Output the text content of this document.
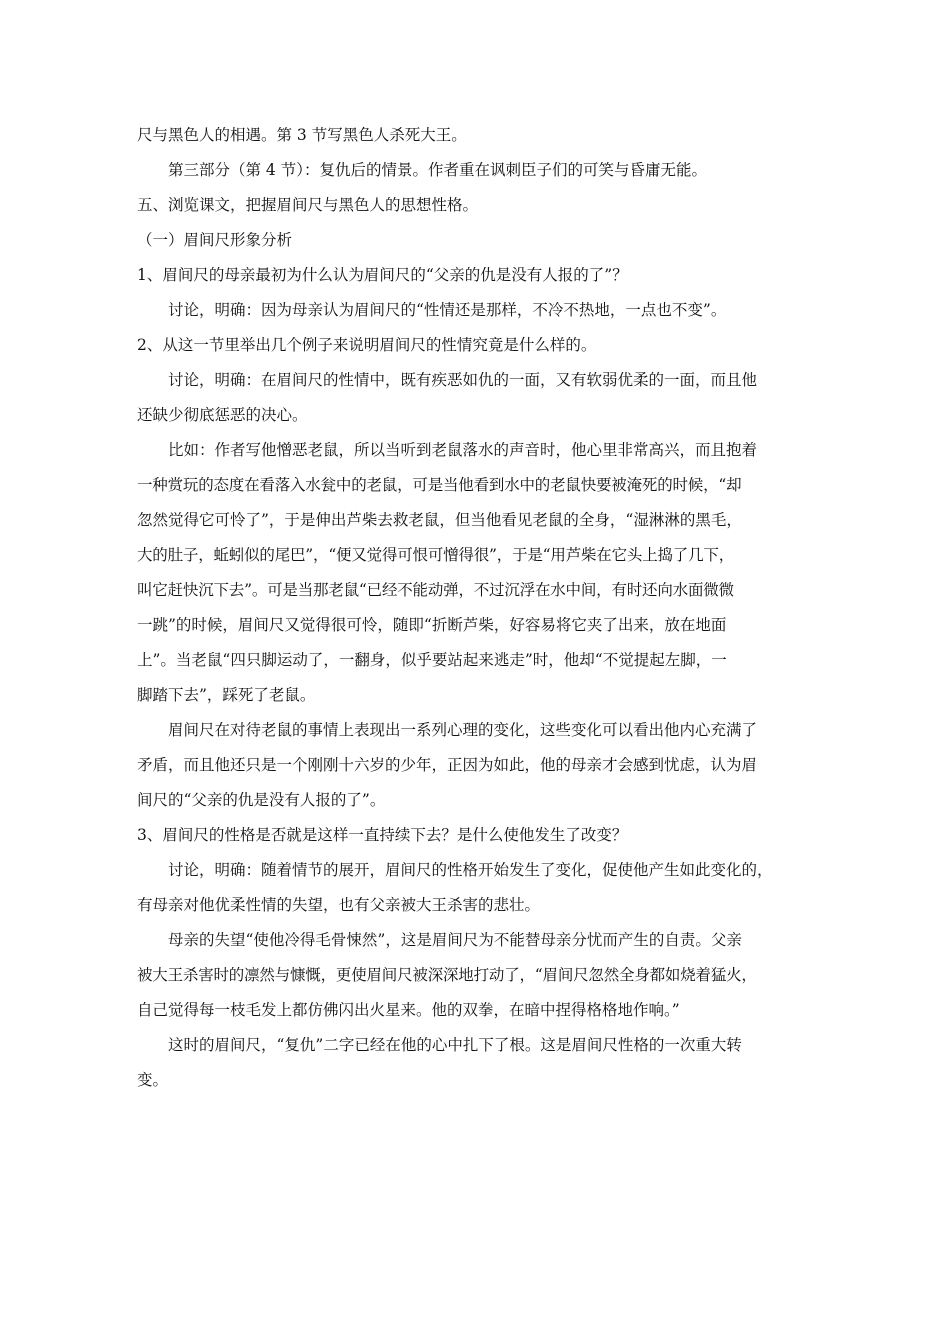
尺与黑色人的相遇。第 3 节写黑色人杀死大王。
第三部分（第 4 节）：复仇后的情景。作者重在讽刺臣子们的可笑与昏庸无能。
五、浏览课文，把握眉间尺与黑色人的思想性格。
（一）眉间尺形象分析
1、眉间尺的母亲最初为什么认为眉间尺的“父亲的仇是没有人报的了”？
讨论，明确：因为母亲认为眉间尺的“性情还是那样，不冷不热地，一点也不变”。
2、从这一节里举出几个例子来说明眉间尺的性情究竟是什么样的。
讨论，明确：在眉间尺的性情中，既有疾恶如仇的一面，又有软弱优柔的一面，而且他
还缺少彻底惩恶的决心。
比如：作者写他憎恶老鼠，所以当听到老鼠落水的声音时，他心里非常高兴，而且抱着
一种赏玩的态度在看落入水瓮中的老鼠，可是当他看到水中的老鼠快要被淹死的时候，“却
忽然觉得它可怜了”，于是伸出芦柴去救老鼠，但当他看见老鼠的全身，“湿淋淋的黑毛，
大的肚子，蚯蚓似的尾巴”，“便又觉得可恨可憎得很”，于是“用芦柴在它头上捣了几下，
叫它赶快沉下去”。可是当那老鼠“已经不能动弹，不过沉浮在水中间，有时还向水面微微
一跳”的时候，眉间尺又觉得很可怜，随即“折断芦柴，好容易将它夹了出来，放在地面
上”。当老鼠“四只脚运动了，一翻身，似乎要站起来逃走”时，他却“不觉提起左脚，一
脚踏下去”，踩死了老鼠。
眉间尺在对待老鼠的事情上表现出一系列心理的变化，这些变化可以看出他内心充满了
矛盾，而且他还只是一个刚刚十六岁的少年，正因为如此，他的母亲才会感到忧虑，认为眉
间尺的“父亲的仇是没有人报的了”。
3、眉间尺的性格是否就是这样一直持续下去？是什么使他发生了改变？
讨论，明确：随着情节的展开，眉间尺的性格开始发生了变化，促使他产生如此变化的，
有母亲对他优柔性情的失望，也有父亲被大王杀害的悲壮。
母亲的失望“使他冷得毛骨悚然”，这是眉间尺为不能替母亲分忧而产生的自责。父亲
被大王杀害时的凛然与慷慨，更使眉间尺被深深地打动了，“眉间尺忽然全身都如烧着猛火，
自己觉得每一枝毛发上都仿佛闪出火星来。他的双拳，在暗中捏得格格地作响。”
这时的眉间尺，“复仇”二字已经在他的心中扎下了根。这是眉间尺性格的一次重大转
变。
